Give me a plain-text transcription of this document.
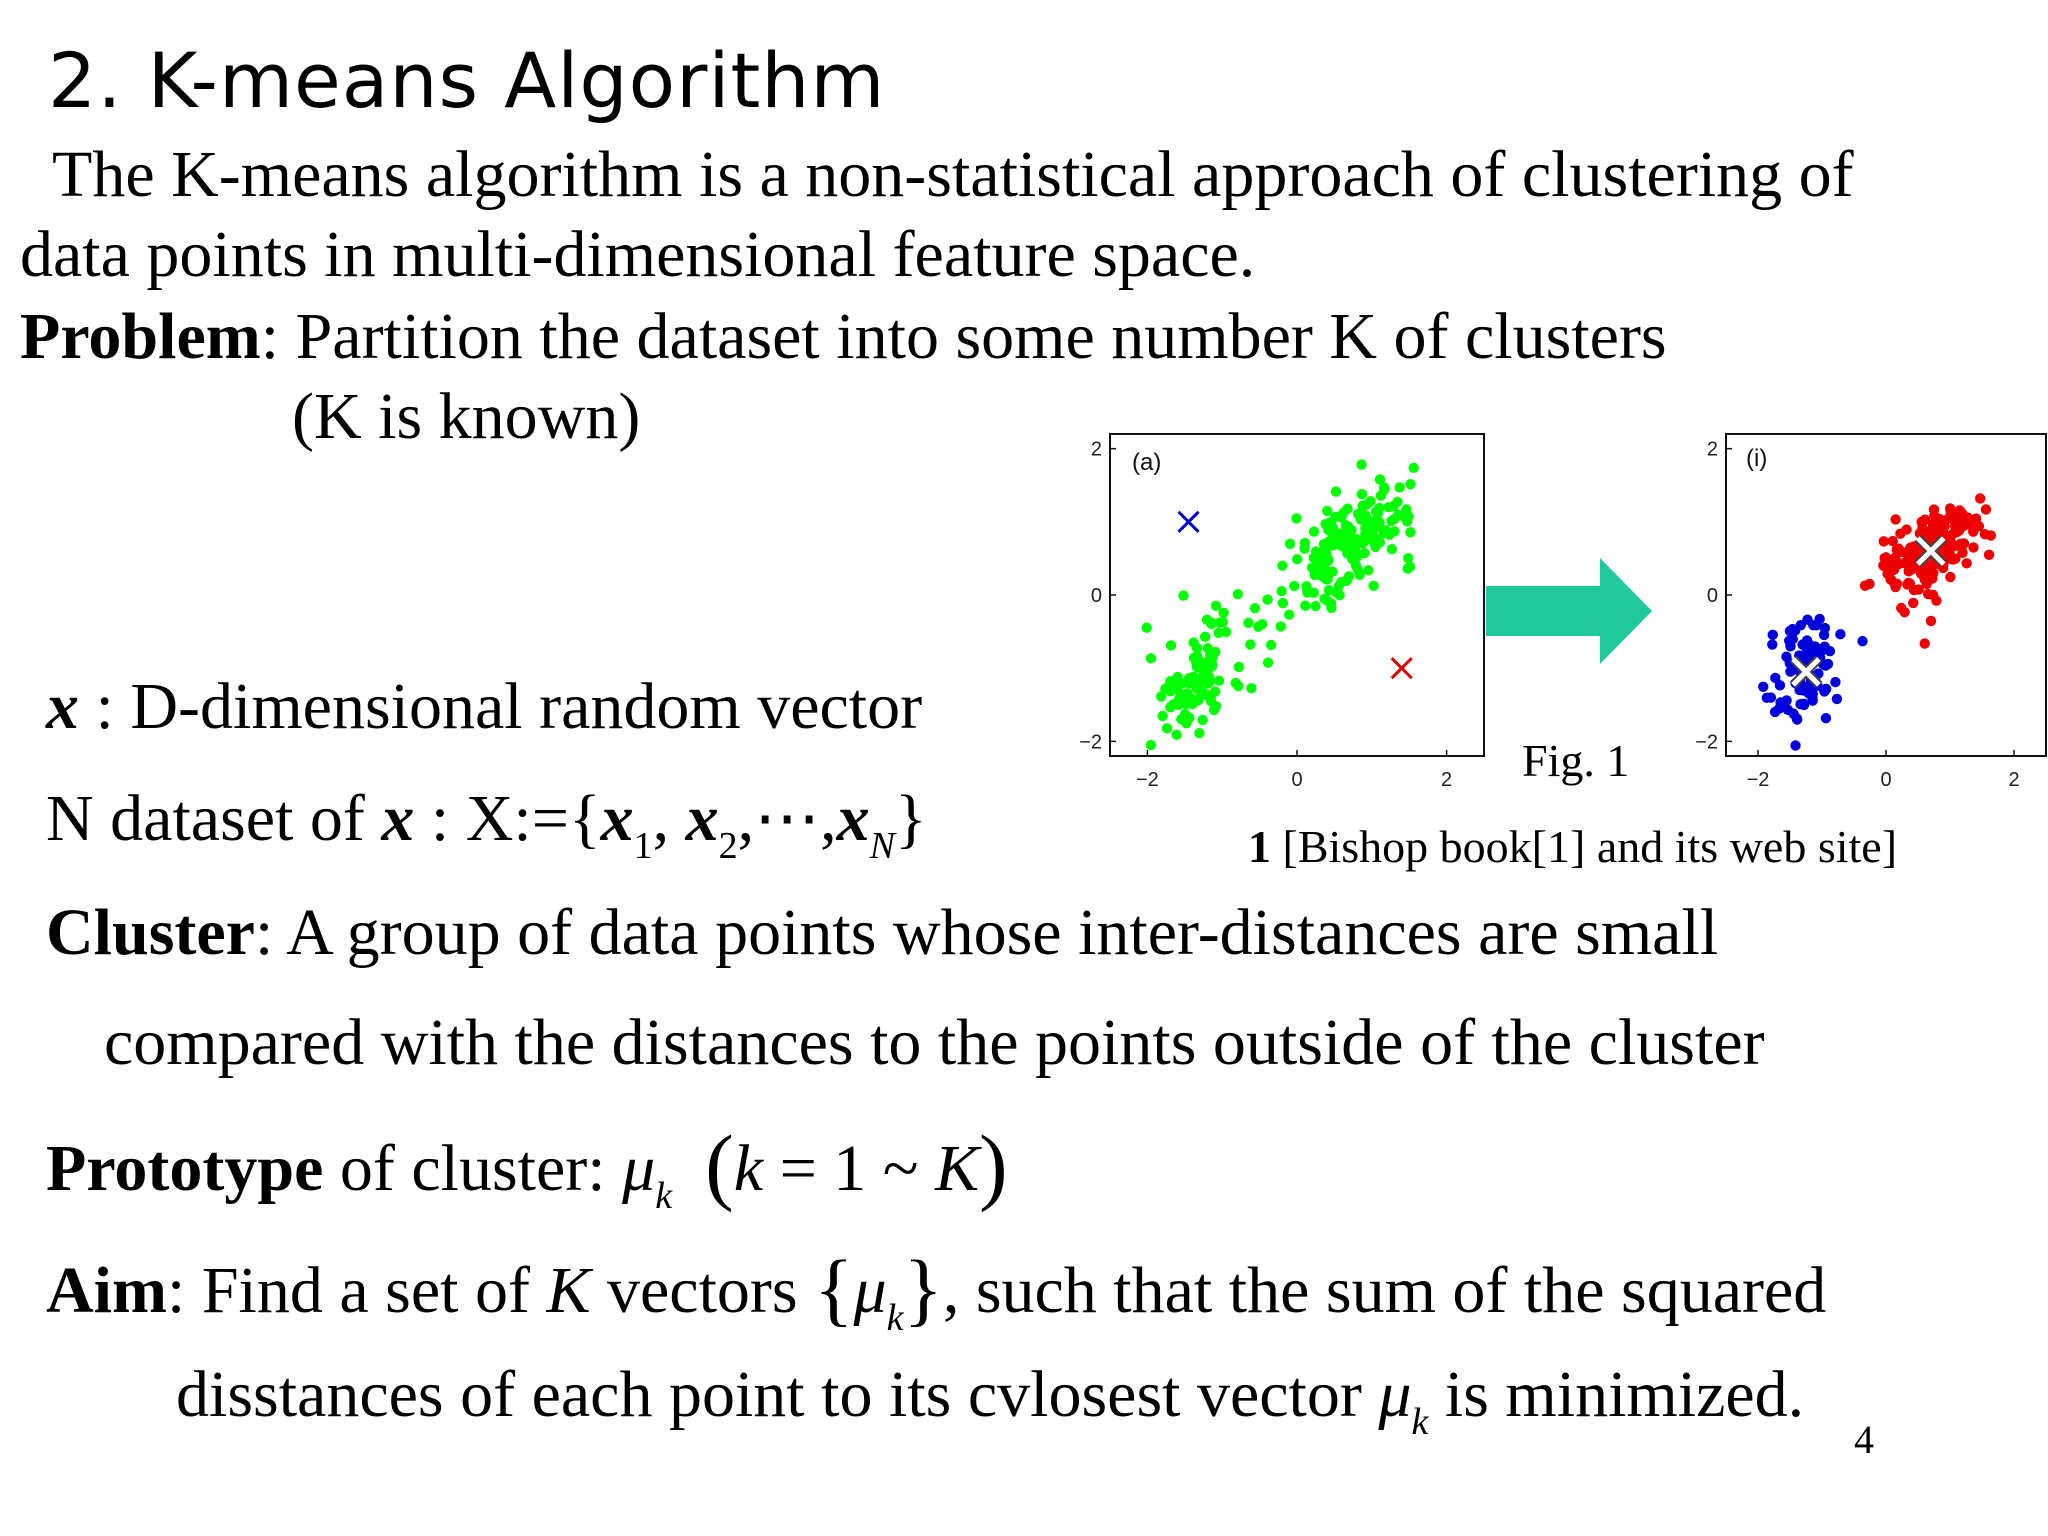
2. K-means Algorithm
The K-means algorithm is a non-statistical approach of clustering of
data points in multi-dimensional feature space.
Problem: Partition the dataset into some number K of clusters
(K is known)
x : D-dimensional random vector
N dataset of x : $X:=\{x_1$, $x_2,\cdots,x_N$}
Cluster: A group of data points whose inter-distances are small
compared with the distances to the points outside of the cluster
Prototype of cluster: $\mu_k$ (k = 1 ~ K)
Aim: Find a set of K vectors $\{\mu_k\}$, such that the sum of the squared
disstances of each point to its cvlosest vector $\mu_k$ is minimized.
4
(a)
−2	0	2
−2
0
2	(i)
−2	0	2
−2
0
2
Fig. 1
1 [Bishop book[1] and its web site]
